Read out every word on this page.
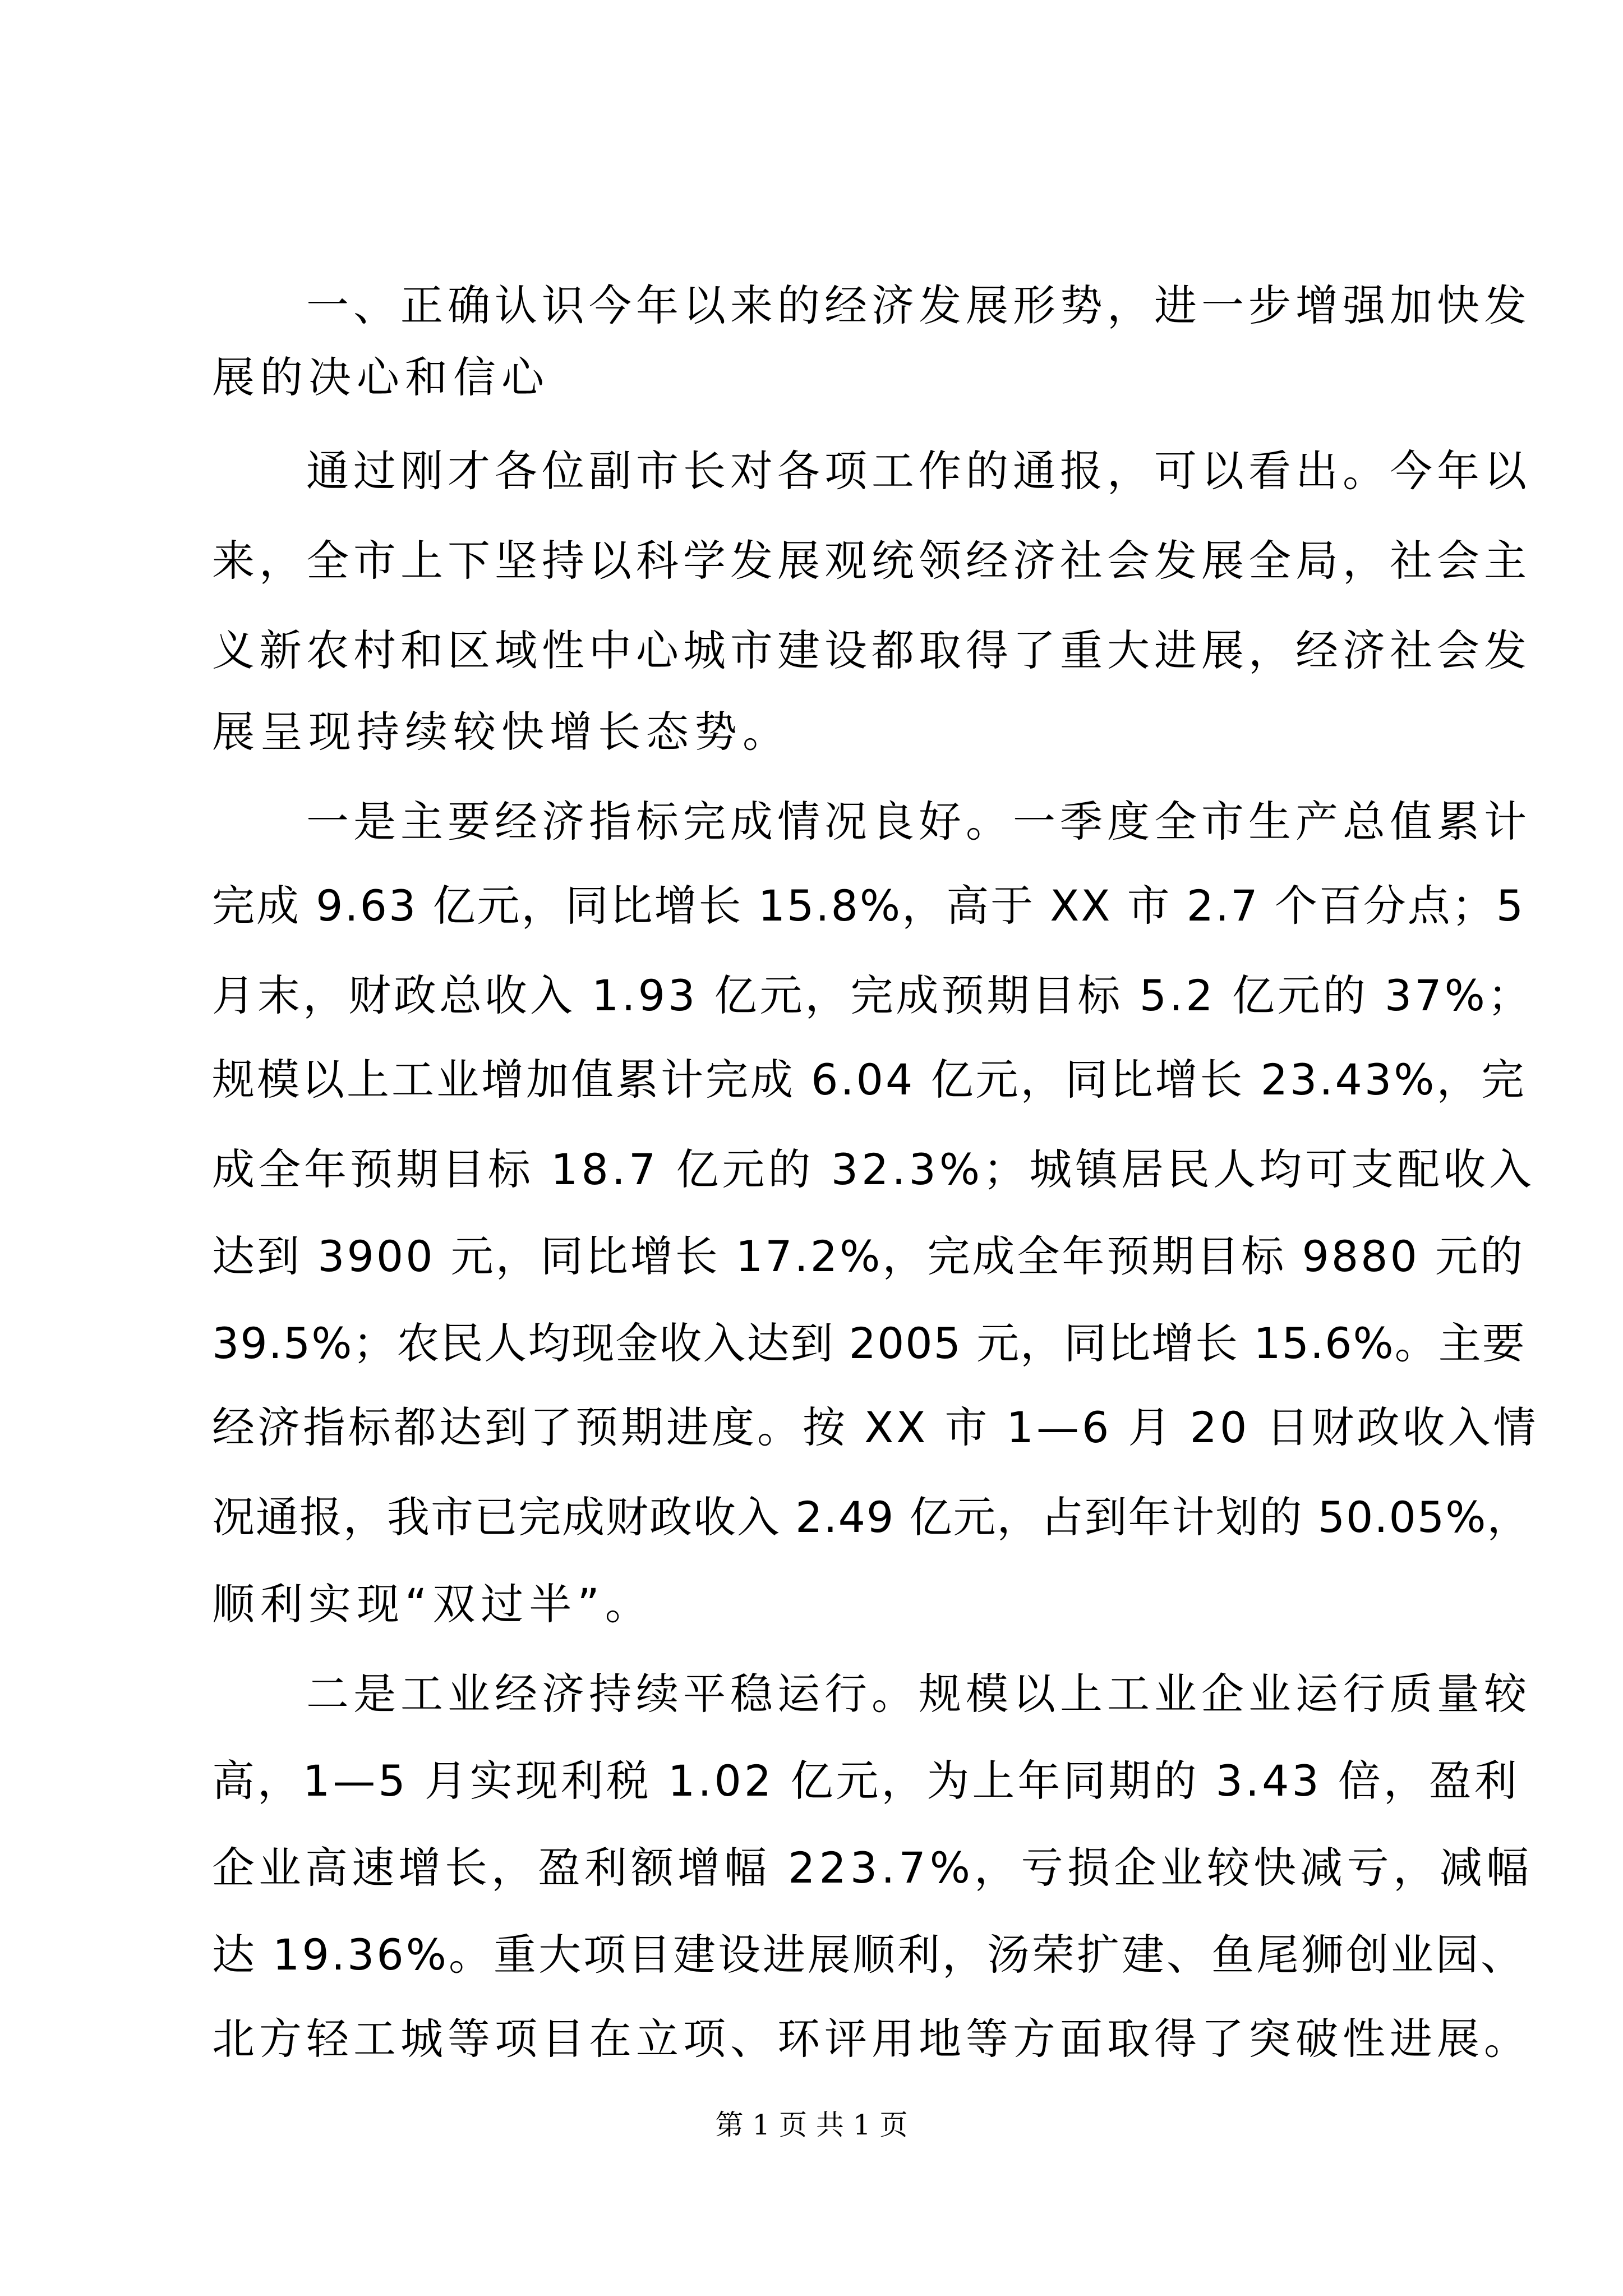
一、正确认识今年以来的经济发展形势，进一步增强加快发
展的决心和信心
通过刚才各位副市长对各项工作的通报，可以看出。今年以
来，全市上下坚持以科学发展观统领经济社会发展全局，社会主
义新农村和区域性中心城市建设都取得了重大进展，经济社会发
展呈现持续较快增长态势。
一是主要经济指标完成情况良好。一季度全市生产总值累计
完成 9.63 亿元，同比增长 15.8%，高于 XX 市 2.7 个百分点；5
月末，财政总收入 1.93 亿元，完成预期目标 5.2 亿元的 37%；
规模以上工业增加值累计完成 6.04 亿元，同比增长 23.43%，完
成全年预期目标 18.7 亿元的 32.3%；城镇居民人均可支配收入
达到 3900 元，同比增长 17.2%，完成全年预期目标 9880 元的
39.5%；农民人均现金收入达到 2005 元，同比增长 15.6%。主要
经济指标都达到了预期进度。按 XX 市 1—6 月 20 日财政收入情
况通报，我市已完成财政收入 2.49 亿元，占到年计划的 50.05%，
顺利实现“双过半”。
二是工业经济持续平稳运行。规模以上工业企业运行质量较
高，1—5 月实现利税 1.02 亿元，为上年同期的 3.43 倍，盈利
企业高速增长，盈利额增幅 223.7%，亏损企业较快减亏，减幅
达 19.36%。重大项目建设进展顺利，汤荣扩建、鱼尾狮创业园、
北方轻工城等项目在立项、环评用地等方面取得了突破性进展。
第 1 页 共 1 页
